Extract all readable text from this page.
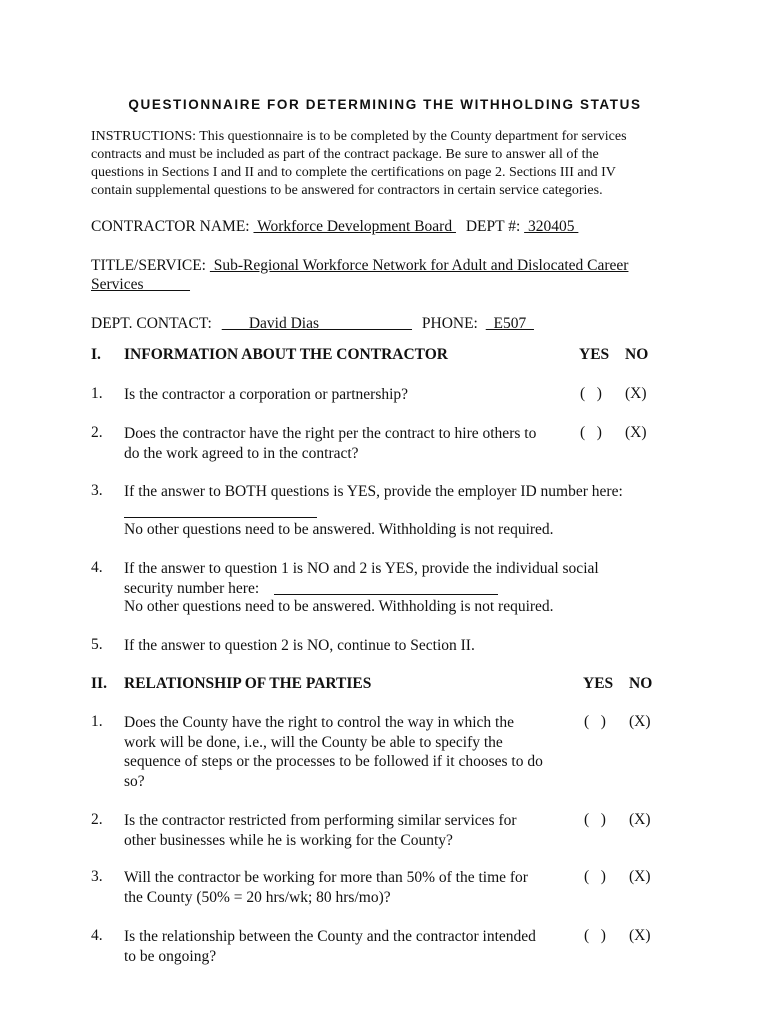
QUESTIONNAIRE FOR DETERMINING THE WITHHOLDING STATUS
INSTRUCTIONS: This questionnaire is to be completed by the County department for services
contracts and must be included as part of the contract package. Be sure to answer all of the
questions in Sections I and II and to complete the certifications on page 2. Sections III and IV
contain supplemental questions to be answered for contractors in certain service categories.
CONTRACTOR NAME:  Workforce Development Board  DEPT #:  320405
TITLE/SERVICE:  Sub-Regional Workforce Network for Adult and Dislocated Career
Services
DEPT. CONTACT:        David Dias                         PHONE:   E507
I. INFORMATION ABOUT THE CONTRACTOR	YES NO
1. Is the contractor a corporation or partnership?	(   ) (X)
2. Does the contractor have the right per the contract to hire others to
do the work agreed to in the contract?
(   ) (X)
3. If the answer to BOTH questions is YES, provide the employer ID number here:
No other questions need to be answered. Withholding is not required.
4. If the answer to question 1 is NO and 2 is YES, provide the individual social
security number here:
No other questions need to be answered. Withholding is not required.
5. If the answer to question 2 is NO, continue to Section II.
II. RELATIONSHIP OF THE PARTIES	YES NO
1. Does the County have the right to control the way in which the
work will be done, i.e., will the County be able to specify the
sequence of steps or the processes to be followed if it chooses to do
so?
(   ) (X)
2. Is the contractor restricted from performing similar services for
other businesses while he is working for the County?
(   ) (X)
3. Will the contractor be working for more than 50% of the time for
the County (50% = 20 hrs/wk; 80 hrs/mo)?
(   ) (X)
4. Is the relationship between the County and the contractor intended
to be ongoing?
(   ) (X)
